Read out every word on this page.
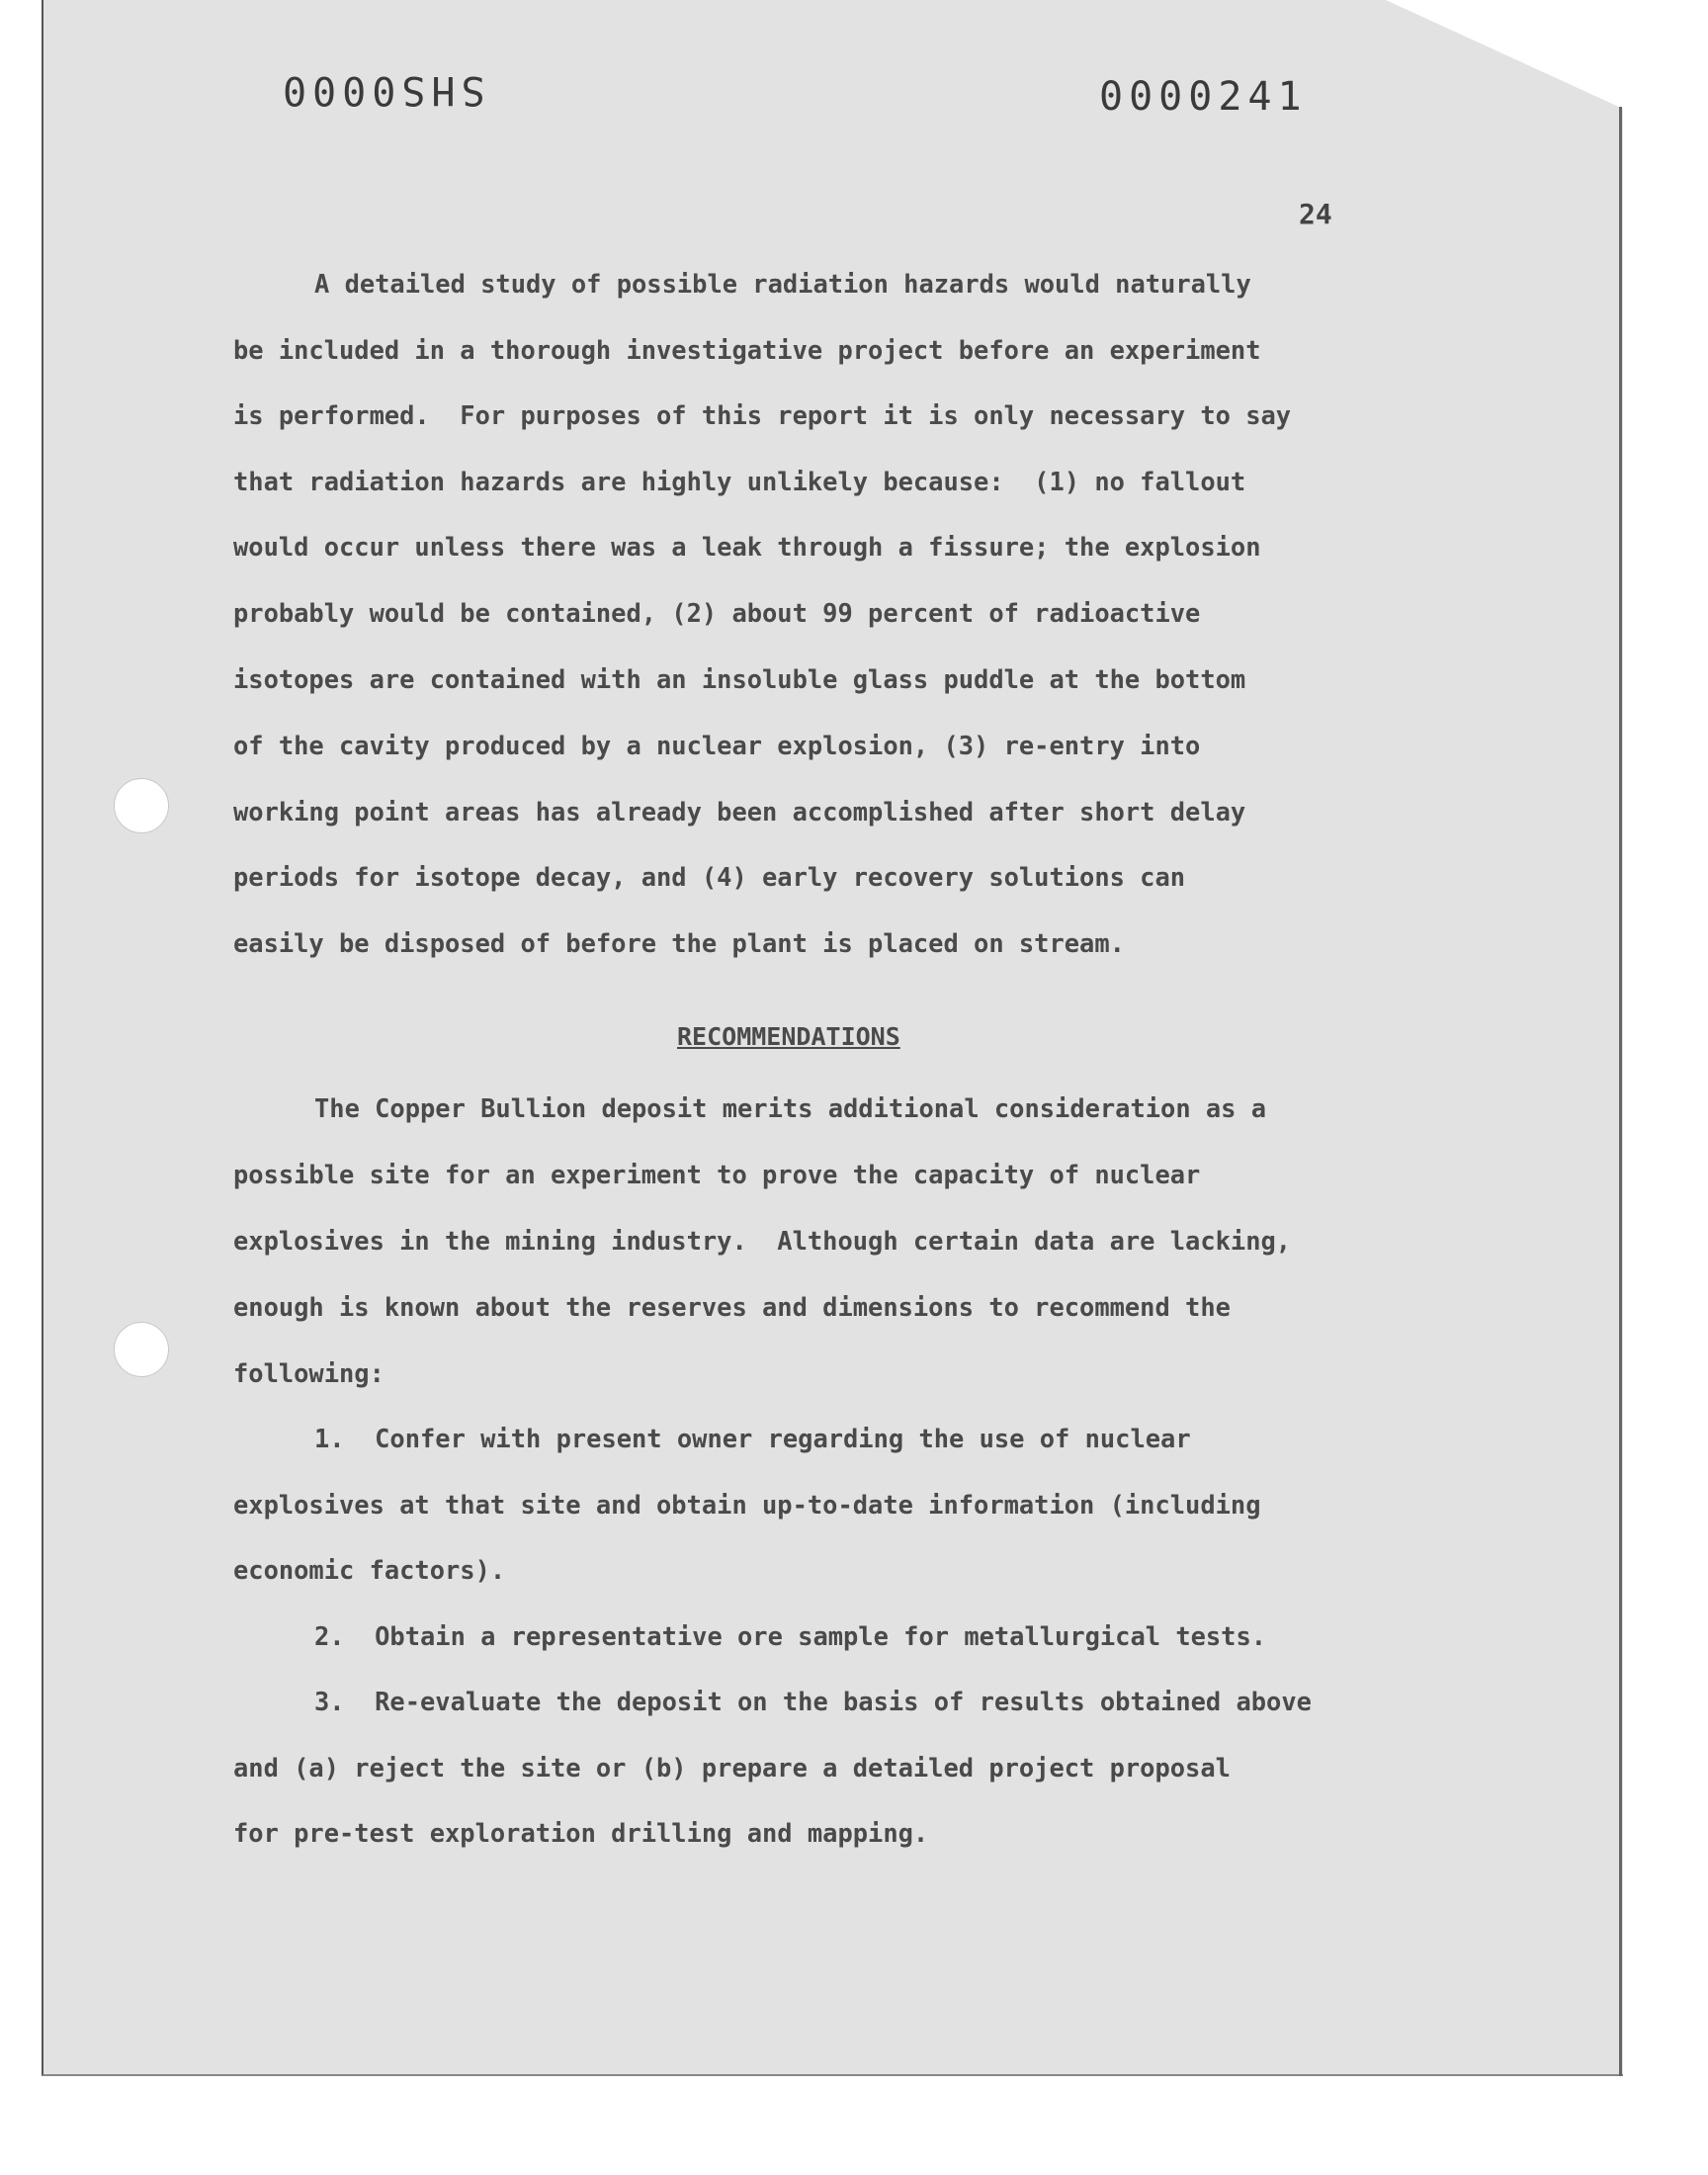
SHS0000	0000241
24
A detailed study of possible radiation hazards would naturally
be included in a thorough investigative project before an experiment
is performed.  For purposes of this report it is only necessary to say
that radiation hazards are highly unlikely because:  (1) no fallout
would occur unless there was a leak through a fissure; the explosion
probably would be contained, (2) about 99 percent of radioactive
isotopes are contained with an insoluble glass puddle at the bottom
of the cavity produced by a nuclear explosion, (3) re-entry into
working point areas has already been accomplished after short delay
periods for isotope decay, and (4) early recovery solutions can
easily be disposed of before the plant is placed on stream.
RECOMMENDATIONS
The Copper Bullion deposit merits additional consideration as a
possible site for an experiment to prove the capacity of nuclear
explosives in the mining industry.  Although certain data are lacking,
enough is known about the reserves and dimensions to recommend the
following:
1.  Confer with present owner regarding the use of nuclear
explosives at that site and obtain up-to-date information (including
economic factors).
2.  Obtain a representative ore sample for metallurgical tests.
3.  Re-evaluate the deposit on the basis of results obtained above
and (a) reject the site or (b) prepare a detailed project proposal
for pre-test exploration drilling and mapping.
